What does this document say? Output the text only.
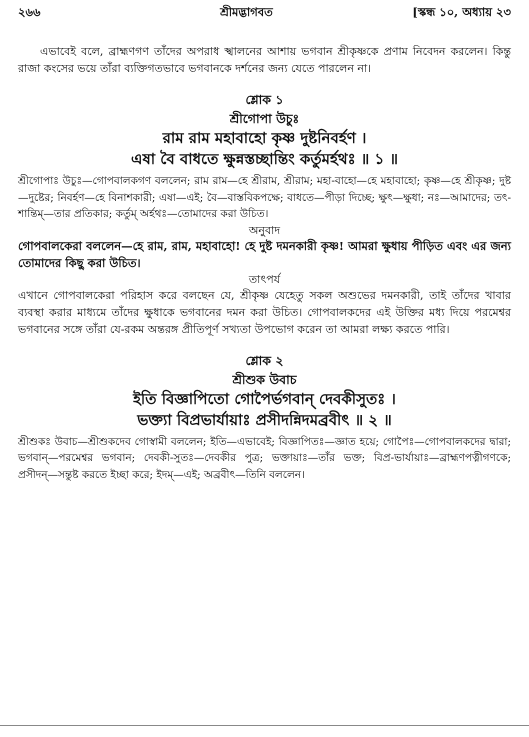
২৬৬	শ্রীমদ্ভাগবত	[স্কন্ধ ১০, অধ্যায় ২৩

এভাবেই বলে, ব্রাহ্মণগণ তাঁদের অপরাধ স্খালনের আশায় ভগবান শ্রীকৃষ্ণকে প্রণাম নিবেদন করলেন। কিন্তু রাজা কংসের ভয়ে তাঁরা ব্যক্তিগতভাবে ভগবানকে দর্শনের জন্য যেতে পারলেন না।

শ্লোক ১
শ্রীগোপা উচুঃ
রাম রাম মহাবাহো কৃষ্ণ দুষ্টনিবর্হণ ।
এষা বৈ বাধতে ক্ষুন্নস্তচ্ছান্তিং কর্তুমর্হথঃ ॥ ১ ॥

শ্রীগোপাঃ উচুঃ—গোপবালকগণ বললেন; রাম রাম—হে শ্রীরাম, শ্রীরাম; মহা-বাহো—হে মহাবাহো; কৃষ্ণ—হে শ্রীকৃষ্ণ; দুষ্ট—দুষ্টের; নিবর্হণ—হে বিনাশকারী; এষা—এই; বৈ—বাস্তবিকপক্ষে; বাধতে—পীড়া দিচ্ছে; ক্ষুৎ—ক্ষুধা; নঃ—আমাদের; তৎ-শান্তিম্—তার প্রতিকার; কর্তুম্ অর্হথঃ—তোমাদের করা উচিত।

অনুবাদ

গোপবালকেরা বললেন—হে রাম, রাম, মহাবাহো! হে দুষ্ট দমনকারী কৃষ্ণ! আমরা ক্ষুধায় পীড়িত এবং এর জন্য তোমাদের কিছু করা উচিত।

তাৎপর্য

এখানে গোপবালকেরা পরিহাস করে বলছেন যে, শ্রীকৃষ্ণ যেহেতু সকল অশুভের দমনকারী, তাই তাঁদের খাবার ব্যবস্থা করার মাধ্যমে তাঁদের ক্ষুধাকে ভগবানের দমন করা উচিত। গোপবালকদের এই উক্তির মধ্য দিয়ে পরমেশ্বর ভগবানের সঙ্গে তাঁরা যে-রকম অন্তরঙ্গ প্রীতিপূর্ণ সখ্যতা উপভোগ করেন তা আমরা লক্ষ্য করতে পারি।

শ্লোক ২
শ্রীশুক উবাচ
ইতি বিজ্ঞাপিতো গোপৈর্ভগবান্ দেবকীসুতঃ ।
ভক্ত্যা বিপ্রভার্যায়াঃ প্রসীদন্নিদমব্রবীৎ ॥ ২ ॥

শ্রীশুকঃ উবাচ—শ্রীশুকদেব গোস্বামী বললেন; ইতি—এভাবেই; বিজ্ঞাপিতঃ—জ্ঞাত হয়ে; গোপৈঃ—গোপবালকদের দ্বারা; ভগবান্—পরমেশ্বর ভগবান; দেবকী-সুতঃ—দেবকীর পুত্র; ভক্তায়াঃ—তাঁর ভক্ত; বিপ্র-ভার্যায়াঃ—ব্রাহ্মণপত্নীগণকে; প্রসীদন্—সন্তুষ্ট করতে ইচ্ছা করে; ইদম্—এই; অব্রবীৎ—তিনি বললেন।
